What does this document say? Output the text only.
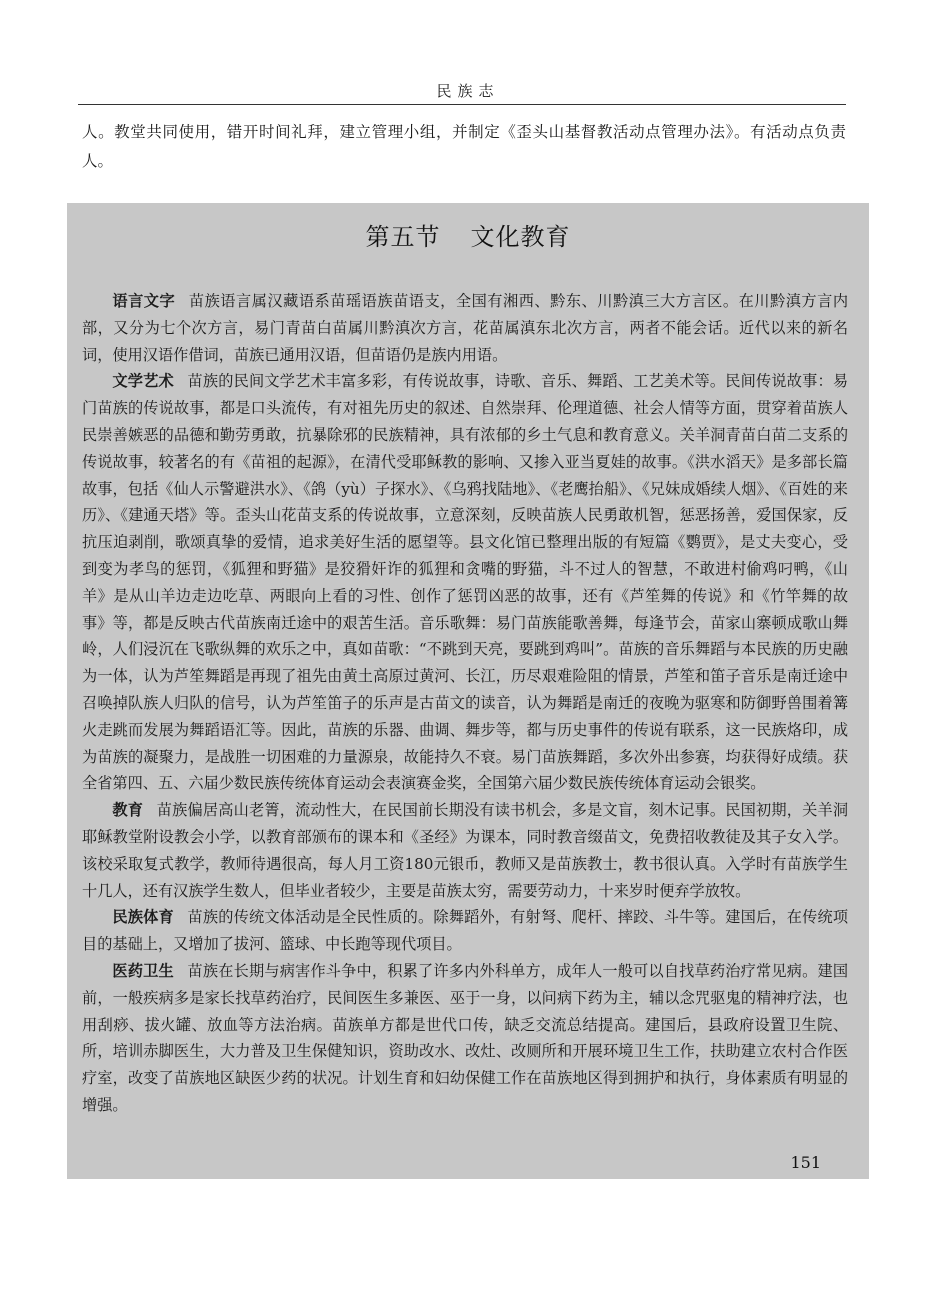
民族志

人。教堂共同使用，错开时间礼拜，建立管理小组，并制定《歪头山基督教活动点管理办法》。有活动点负责人。

第五节 文化教育

语言文字 苗族语言属汉藏语系苗瑶语族苗语支，全国有湘西、黔东、川黔滇三大方言区。在川黔滇方言内部，又分为七个次方言，易门青苗白苗属川黔滇次方言，花苗属滇东北次方言，两者不能会话。近代以来的新名词，使用汉语作借词，苗族已通用汉语，但苗语仍是族内用语。

文学艺术 苗族的民间文学艺术丰富多彩，有传说故事，诗歌、音乐、舞蹈、工艺美术等。民间传说故事：易门苗族的传说故事，都是口头流传，有对祖先历史的叙述、自然崇拜、伦理道德、社会人情等方面，贯穿着苗族人民崇善嫉恶的品德和勤劳勇敢，抗暴除邪的民族精神，具有浓郁的乡土气息和教育意义。关羊洞青苗白苗二支系的传说故事，较著名的有《苗祖的起源》，在清代受耶稣教的影响、又掺入亚当夏娃的故事。《洪水滔天》是多部长篇故事，包括《仙人示警避洪水》、《鸽（yù）子探水》、《乌鸦找陆地》、《老鹰抬船》、《兄妹成婚续人烟》、《百姓的来历》、《建通天塔》等。歪头山花苗支系的传说故事，立意深刻，反映苗族人民勇敢机智，惩恶扬善，爱国保家，反抗压迫剥削，歌颂真挚的爱情，追求美好生活的愿望等。县文化馆已整理出版的有短篇《鹦贾》，是丈夫变心，受到变为孝鸟的惩罚，《狐狸和野猫》是狡猾奸诈的狐狸和贪嘴的野猫，斗不过人的智慧，不敢进村偷鸡叼鸭，《山羊》是从山羊边走边吃草、两眼向上看的习性、创作了惩罚凶恶的故事，还有《芦笙舞的传说》和《竹竿舞的故事》等，都是反映古代苗族南迁途中的艰苦生活。音乐歌舞：易门苗族能歌善舞，每逢节会，苗家山寨顿成歌山舞岭，人们浸沉在飞歌纵舞的欢乐之中，真如苗歌：“不跳到天亮，要跳到鸡叫”。苗族的音乐舞蹈与本民族的历史融为一体，认为芦笙舞蹈是再现了祖先由黄土高原过黄河、长江，历尽艰难险阻的情景，芦笙和笛子音乐是南迁途中召唤掉队族人归队的信号，认为芦笙笛子的乐声是古苗文的读音，认为舞蹈是南迁的夜晚为驱寒和防御野兽围着篝火走跳而发展为舞蹈语汇等。因此，苗族的乐器、曲调、舞步等，都与历史事件的传说有联系，这一民族烙印，成为苗族的凝聚力，是战胜一切困难的力量源泉，故能持久不衰。易门苗族舞蹈，多次外出参赛，均获得好成绩。获全省第四、五、六届少数民族传统体育运动会表演赛金奖，全国第六届少数民族传统体育运动会银奖。

教育 苗族偏居高山老箐，流动性大，在民国前长期没有读书机会，多是文盲，刻木记事。民国初期，关羊洞耶稣教堂附设教会小学，以教育部颁布的课本和《圣经》为课本，同时教音缀苗文，免费招收教徒及其子女入学。该校采取复式教学，教师待遇很高，每人月工资180元银币，教师又是苗族教士，教书很认真。入学时有苗族学生十几人，还有汉族学生数人，但毕业者较少，主要是苗族太穷，需要劳动力，十来岁时便弃学放牧。

民族体育 苗族的传统文体活动是全民性质的。除舞蹈外，有射弩、爬杆、摔跤、斗牛等。建国后，在传统项目的基础上，又增加了拔河、篮球、中长跑等现代项目。

医药卫生 苗族在长期与病害作斗争中，积累了许多内外科单方，成年人一般可以自找草药治疗常见病。建国前，一般疾病多是家长找草药治疗，民间医生多兼医、巫于一身，以问病下药为主，辅以念咒驱鬼的精神疗法，也用刮痧、拔火罐、放血等方法治病。苗族单方都是世代口传，缺乏交流总结提高。建国后，县政府设置卫生院、所，培训赤脚医生，大力普及卫生保健知识，资助改水、改灶、改厕所和开展环境卫生工作，扶助建立农村合作医疗室，改变了苗族地区缺医少药的状况。计划生育和妇幼保健工作在苗族地区得到拥护和执行，身体素质有明显的增强。

151
